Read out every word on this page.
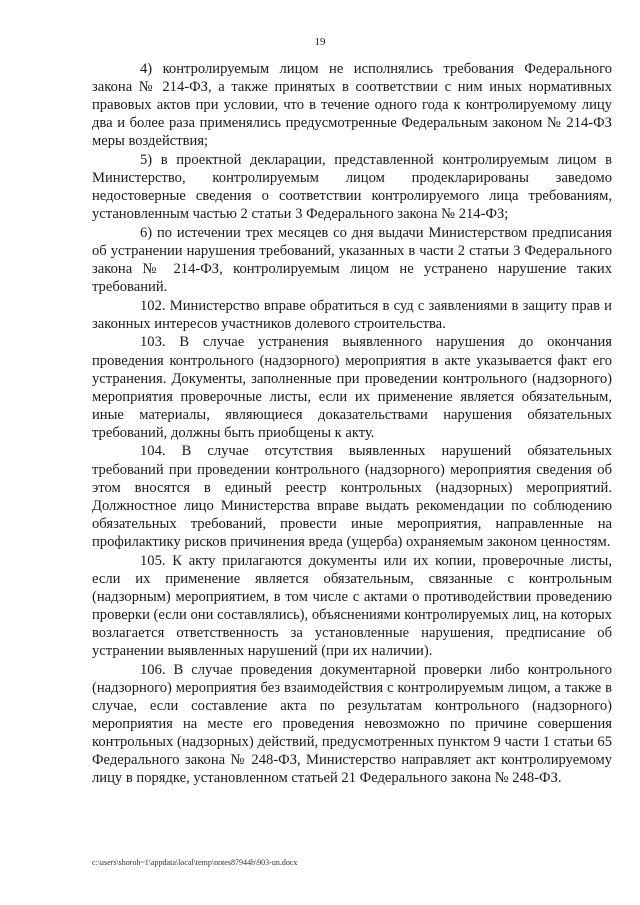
19

4) контролируемым лицом не исполнялись требования Федерального закона № 214-ФЗ, а также принятых в соответствии с ним иных нормативных правовых актов при условии, что в течение одного года к контролируемому лицу два и более раза применялись предусмотренные Федеральным законом № 214-ФЗ меры воздействия;

5) в проектной декларации, представленной контролируемым лицом в Министерство, контролируемым лицом продекларированы заведомо недостоверные сведения о соответствии контролируемого лица требованиям, установленным частью 2 статьи 3 Федерального закона № 214-ФЗ;

6) по истечении трех месяцев со дня выдачи Министерством предписания об устранении нарушения требований, указанных в части 2 статьи 3 Федерального закона № 214-ФЗ, контролируемым лицом не устранено нарушение таких требований.

102. Министерство вправе обратиться в суд с заявлениями в защиту прав и законных интересов участников долевого строительства.

103. В случае устранения выявленного нарушения до окончания проведения контрольного (надзорного) мероприятия в акте указывается факт его устранения. Документы, заполненные при проведении контрольного (надзорного) мероприятия проверочные листы, если их применение является обязательным, иные материалы, являющиеся доказательствами нарушения обязательных требований, должны быть приобщены к акту.

104. В случае отсутствия выявленных нарушений обязательных требований при проведении контрольного (надзорного) мероприятия сведения об этом вносятся в единый реестр контрольных (надзорных) мероприятий. Должностное лицо Министерства вправе выдать рекомендации по соблюдению обязательных требований, провести иные мероприятия, направленные на профилактику рисков причинения вреда (ущерба) охраняемым законом ценностям.

105. К акту прилагаются документы или их копии, проверочные листы, если их применение является обязательным, связанные с контрольным (надзорным) мероприятием, в том числе с актами о противодействии проведению проверки (если они составлялись), объяснениями контролируемых лиц, на которых возлагается ответственность за установленные нарушения, предписание об устранении выявленных нарушений (при их наличии).

106. В случае проведения документарной проверки либо контрольного (надзорного) мероприятия без взаимодействия с контролируемым лицом, а также в случае, если составление акта по результатам контрольного (надзорного) мероприятия на месте его проведения невозможно по причине совершения контрольных (надзорных) действий, предусмотренных пунктом 9 части 1 статьи 65 Федерального закона № 248-ФЗ, Министерство направляет акт контролируемому лицу в порядке, установленном статьей 21 Федерального закона № 248-ФЗ.

c:\users\shoroh~1\appdata\local\temp\notes87944b\903-un.docx
